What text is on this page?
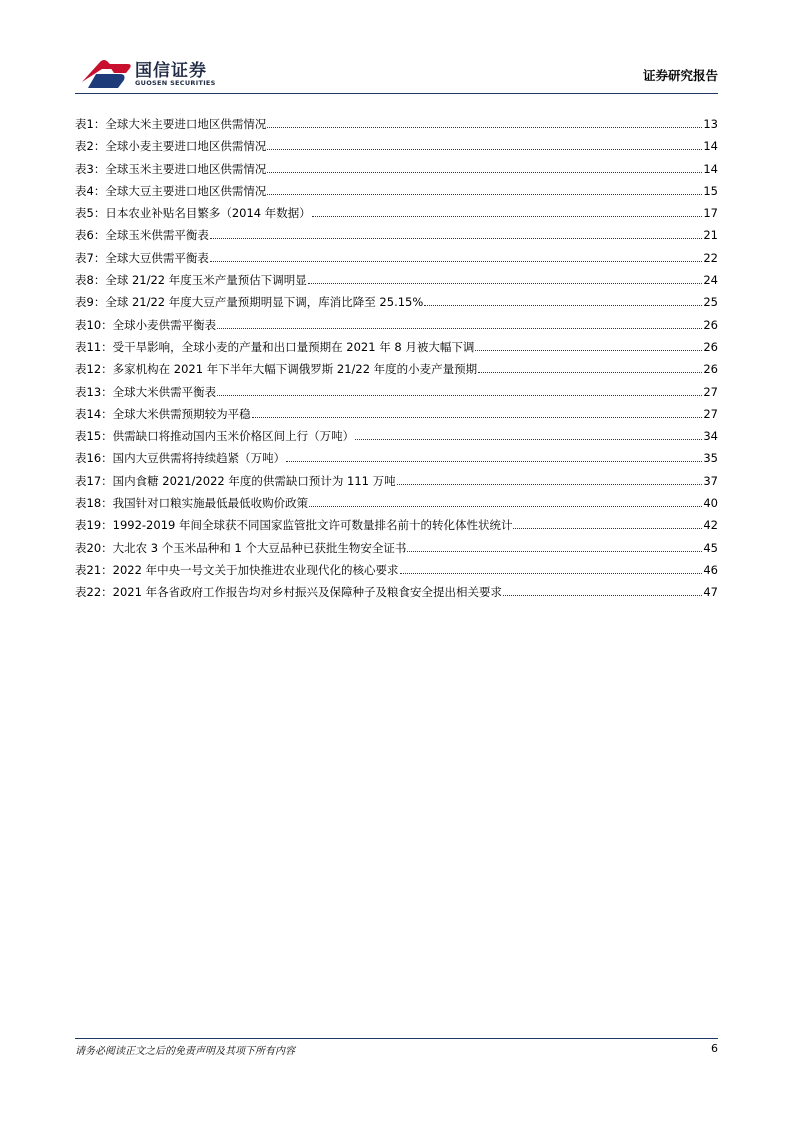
国信证券
GUOSEN SECURITIES	证券研究报告
表1： 全球大米主要进口地区供需情况	13
表2： 全球小麦主要进口地区供需情况	14
表3： 全球玉米主要进口地区供需情况	14
表4： 全球大豆主要进口地区供需情况	15
表5： 日本农业补贴名目繁多（2014 年数据）	17
表6： 全球玉米供需平衡表	21
表7： 全球大豆供需平衡表	22
表8： 全球 21/22 年度玉米产量预估下调明显	24
表9： 全球 21/22 年度大豆产量预期明显下调，库消比降至 25.15%	25
表10： 全球小麦供需平衡表	26
表11： 受干旱影响，全球小麦的产量和出口量预期在 2021 年 8 月被大幅下调	26
表12： 多家机构在 2021 年下半年大幅下调俄罗斯 21/22 年度的小麦产量预期	26
表13： 全球大米供需平衡表	27
表14： 全球大米供需预期较为平稳	27
表15： 供需缺口将推动国内玉米价格区间上行（万吨）	34
表16： 国内大豆供需将持续趋紧（万吨）	35
表17： 国内食糖 2021/2022 年度的供需缺口预计为 111 万吨	37
表18： 我国针对口粮实施最低最低收购价政策	40
表19： 1992-2019 年间全球获不同国家监管批文许可数量排名前十的转化体性状统计	42
表20： 大北农 3 个玉米品种和 1 个大豆品种已获批生物安全证书	45
表21： 2022 年中央一号文关于加快推进农业现代化的核心要求	46
表22： 2021 年各省政府工作报告均对乡村振兴及保障种子及粮食安全提出相关要求	47
请务必阅读正文之后的免责声明及其项下所有内容	6
